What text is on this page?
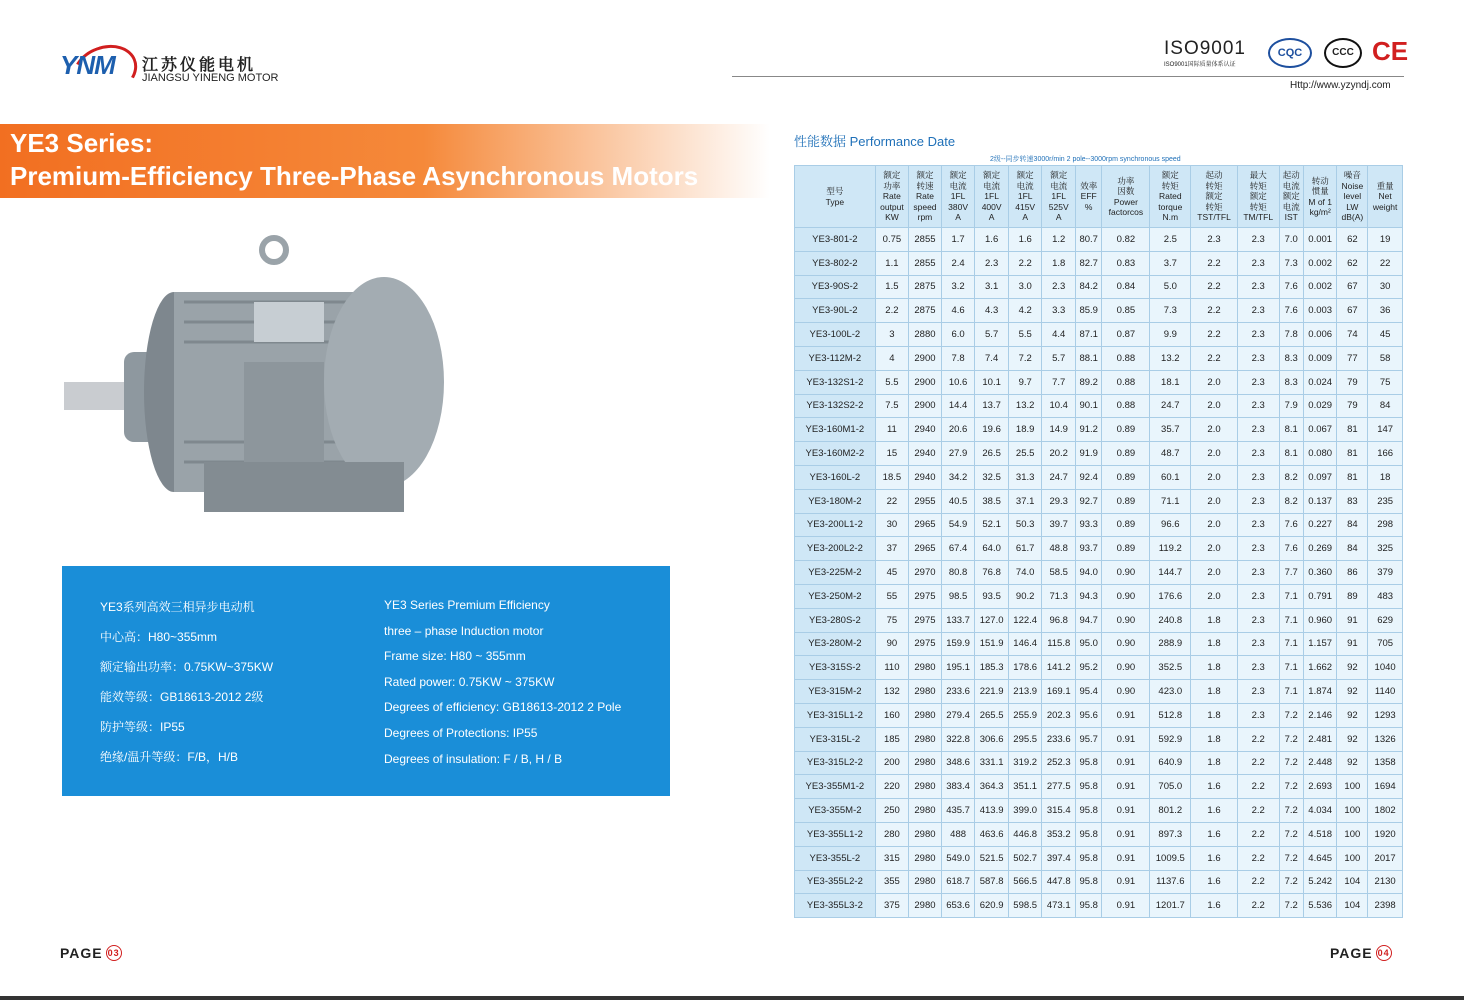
YNM 江苏仪能电机
JIANGSU YINENG MOTOR
YE3 Series:
Premium-Efficiency Three-Phase Asynchronous Motors

YE3系列高效三相异步电动机

中心高：H80~355mm

额定输出功率：0.75KW~375KW

能效等级：GB18613-2012 2级

防护等级：IP55

绝缘/温升等级：F/B，H/B

YE3 Series Premium Efficiency

three – phase Induction motor

Frame size: H80 ~ 355mm

Rated power: 0.75KW ~ 375KW

Degrees of efficiency: GB18613-2012 2 Pole

Degrees of Protections: IP55

Degrees of insulation: F / B, H / B

PAGE 03	PAGE 04
ISO9001
ISO9001国际质量体系认证
CQC	CCC CE
Http://www.yzyndj.com
性能数据 Performance Date
2级--同步转速3000r/min 2 pole--3000rpm synchronous speed
型号
Type	额定
功率
Rate
output
KW	额定
转速
Rate
speed
rpm	额定
电流
1FL
380V
A	额定
电流
1FL
400V
A	额定
电流
1FL
415V
A	额定
电流
1FL
525V
A	效率
EFF
%	功率
因数
Power
factorcos	额定
转矩
Rated
torque
N.m	起动
转矩
额定
转矩
TST/TFL	最大
转矩
额定
转矩
TM/TFL	起动
电流
额定
电流
IST	转动
惯量
M of 1
kg/m²	噪音
Noise
level
LW
dB(A)	重量
Net
weight
YE3-801-2	0.75	2855	1.7	1.6	1.6	1.2	80.7	0.82	2.5	2.3	2.3	7.0	0.001	62	19
YE3-802-2	1.1	2855	2.4	2.3	2.2	1.8	82.7	0.83	3.7	2.2	2.3	7.3	0.002	62	22
YE3-90S-2	1.5	2875	3.2	3.1	3.0	2.3	84.2	0.84	5.0	2.2	2.3	7.6	0.002	67	30
YE3-90L-2	2.2	2875	4.6	4.3	4.2	3.3	85.9	0.85	7.3	2.2	2.3	7.6	0.003	67	36
YE3-100L-2	3	2880	6.0	5.7	5.5	4.4	87.1	0.87	9.9	2.2	2.3	7.8	0.006	74	45
YE3-112M-2	4	2900	7.8	7.4	7.2	5.7	88.1	0.88	13.2	2.2	2.3	8.3	0.009	77	58
YE3-132S1-2	5.5	2900	10.6	10.1	9.7	7.7	89.2	0.88	18.1	2.0	2.3	8.3	0.024	79	75
YE3-132S2-2	7.5	2900	14.4	13.7	13.2	10.4	90.1	0.88	24.7	2.0	2.3	7.9	0.029	79	84
YE3-160M1-2	11	2940	20.6	19.6	18.9	14.9	91.2	0.89	35.7	2.0	2.3	8.1	0.067	81	147
YE3-160M2-2	15	2940	27.9	26.5	25.5	20.2	91.9	0.89	48.7	2.0	2.3	8.1	0.080	81	166
YE3-160L-2	18.5	2940	34.2	32.5	31.3	24.7	92.4	0.89	60.1	2.0	2.3	8.2	0.097	81	18
YE3-180M-2	22	2955	40.5	38.5	37.1	29.3	92.7	0.89	71.1	2.0	2.3	8.2	0.137	83	235
YE3-200L1-2	30	2965	54.9	52.1	50.3	39.7	93.3	0.89	96.6	2.0	2.3	7.6	0.227	84	298
YE3-200L2-2	37	2965	67.4	64.0	61.7	48.8	93.7	0.89	119.2	2.0	2.3	7.6	0.269	84	325
YE3-225M-2	45	2970	80.8	76.8	74.0	58.5	94.0	0.90	144.7	2.0	2.3	7.7	0.360	86	379
YE3-250M-2	55	2975	98.5	93.5	90.2	71.3	94.3	0.90	176.6	2.0	2.3	7.1	0.791	89	483
YE3-280S-2	75	2975	133.7	127.0	122.4	96.8	94.7	0.90	240.8	1.8	2.3	7.1	0.960	91	629
YE3-280M-2	90	2975	159.9	151.9	146.4	115.8	95.0	0.90	288.9	1.8	2.3	7.1	1.157	91	705
YE3-315S-2	110	2980	195.1	185.3	178.6	141.2	95.2	0.90	352.5	1.8	2.3	7.1	1.662	92	1040
YE3-315M-2	132	2980	233.6	221.9	213.9	169.1	95.4	0.90	423.0	1.8	2.3	7.1	1.874	92	1140
YE3-315L1-2	160	2980	279.4	265.5	255.9	202.3	95.6	0.91	512.8	1.8	2.3	7.2	2.146	92	1293
YE3-315L-2	185	2980	322.8	306.6	295.5	233.6	95.7	0.91	592.9	1.8	2.2	7.2	2.481	92	1326
YE3-315L2-2	200	2980	348.6	331.1	319.2	252.3	95.8	0.91	640.9	1.8	2.2	7.2	2.448	92	1358
YE3-355M1-2	220	2980	383.4	364.3	351.1	277.5	95.8	0.91	705.0	1.6	2.2	7.2	2.693	100	1694
YE3-355M-2	250	2980	435.7	413.9	399.0	315.4	95.8	0.91	801.2	1.6	2.2	7.2	4.034	100	1802
YE3-355L1-2	280	2980	488	463.6	446.8	353.2	95.8	0.91	897.3	1.6	2.2	7.2	4.518	100	1920
YE3-355L-2	315	2980	549.0	521.5	502.7	397.4	95.8	0.91	1009.5	1.6	2.2	7.2	4.645	100	2017
YE3-355L2-2	355	2980	618.7	587.8	566.5	447.8	95.8	0.91	1137.6	1.6	2.2	7.2	5.242	104	2130
YE3-355L3-2	375	2980	653.6	620.9	598.5	473.1	95.8	0.91	1201.7	1.6	2.2	7.2	5.536	104	2398
